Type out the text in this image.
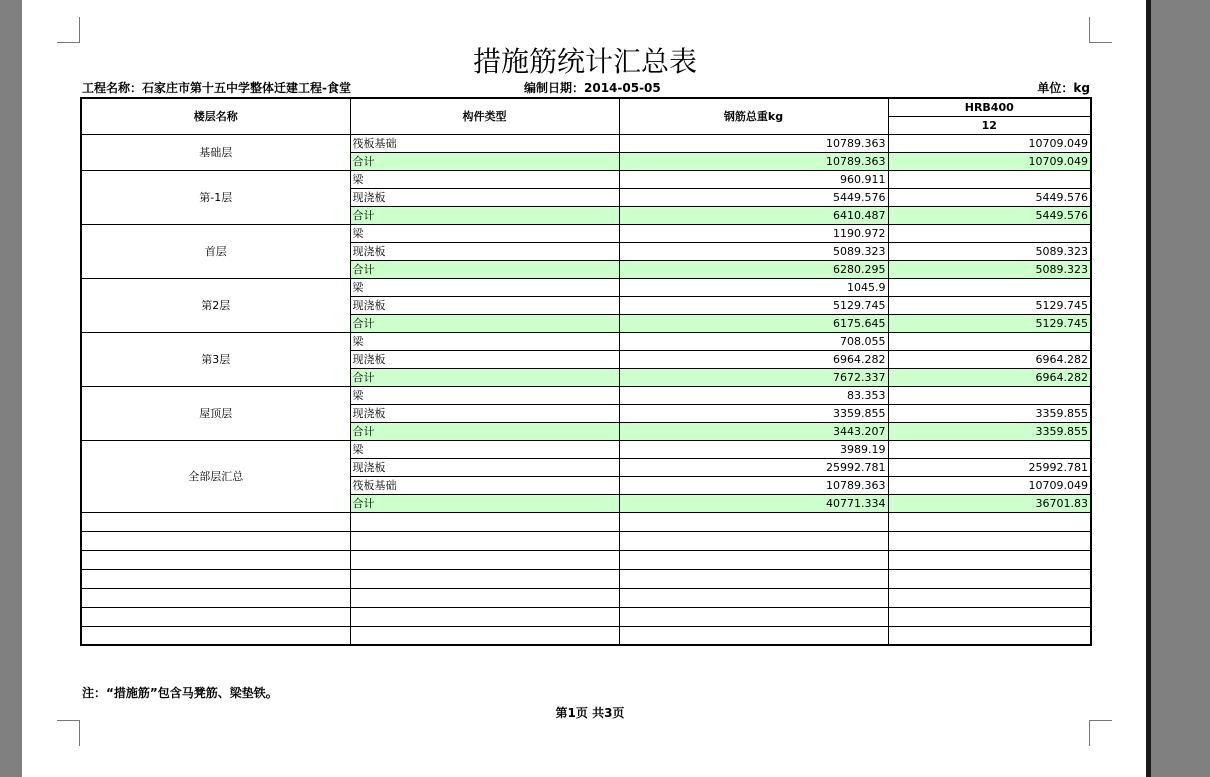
措施筋统计汇总表
工程名称：石家庄市第十五中学整体迁建工程-食堂	编制日期：2014-05-05	单位：kg
楼层名称	构件类型	钢筋总重kg	HRB400
			12
基础层	筏板基础	10789.363	10709.049
	合计	10789.363	10709.049
第-1层	梁	960.911	
	现浇板	5449.576	5449.576
	合计	6410.487	5449.576
首层	梁	1190.972	
	现浇板	5089.323	5089.323
	合计	6280.295	5089.323
第2层	梁	1045.9	
	现浇板	5129.745	5129.745
	合计	6175.645	5129.745
第3层	梁	708.055	
	现浇板	6964.282	6964.282
	合计	7672.337	6964.282
屋顶层	梁	83.353	
	现浇板	3359.855	3359.855
	合计	3443.207	3359.855
全部层汇总	梁	3989.19	
	现浇板	25992.781	25992.781
	筏板基础	10789.363	10709.049
	合计	40771.334	36701.83

注：“措施筋”包含马凳筋、梁垫铁。
第1页 共3页
